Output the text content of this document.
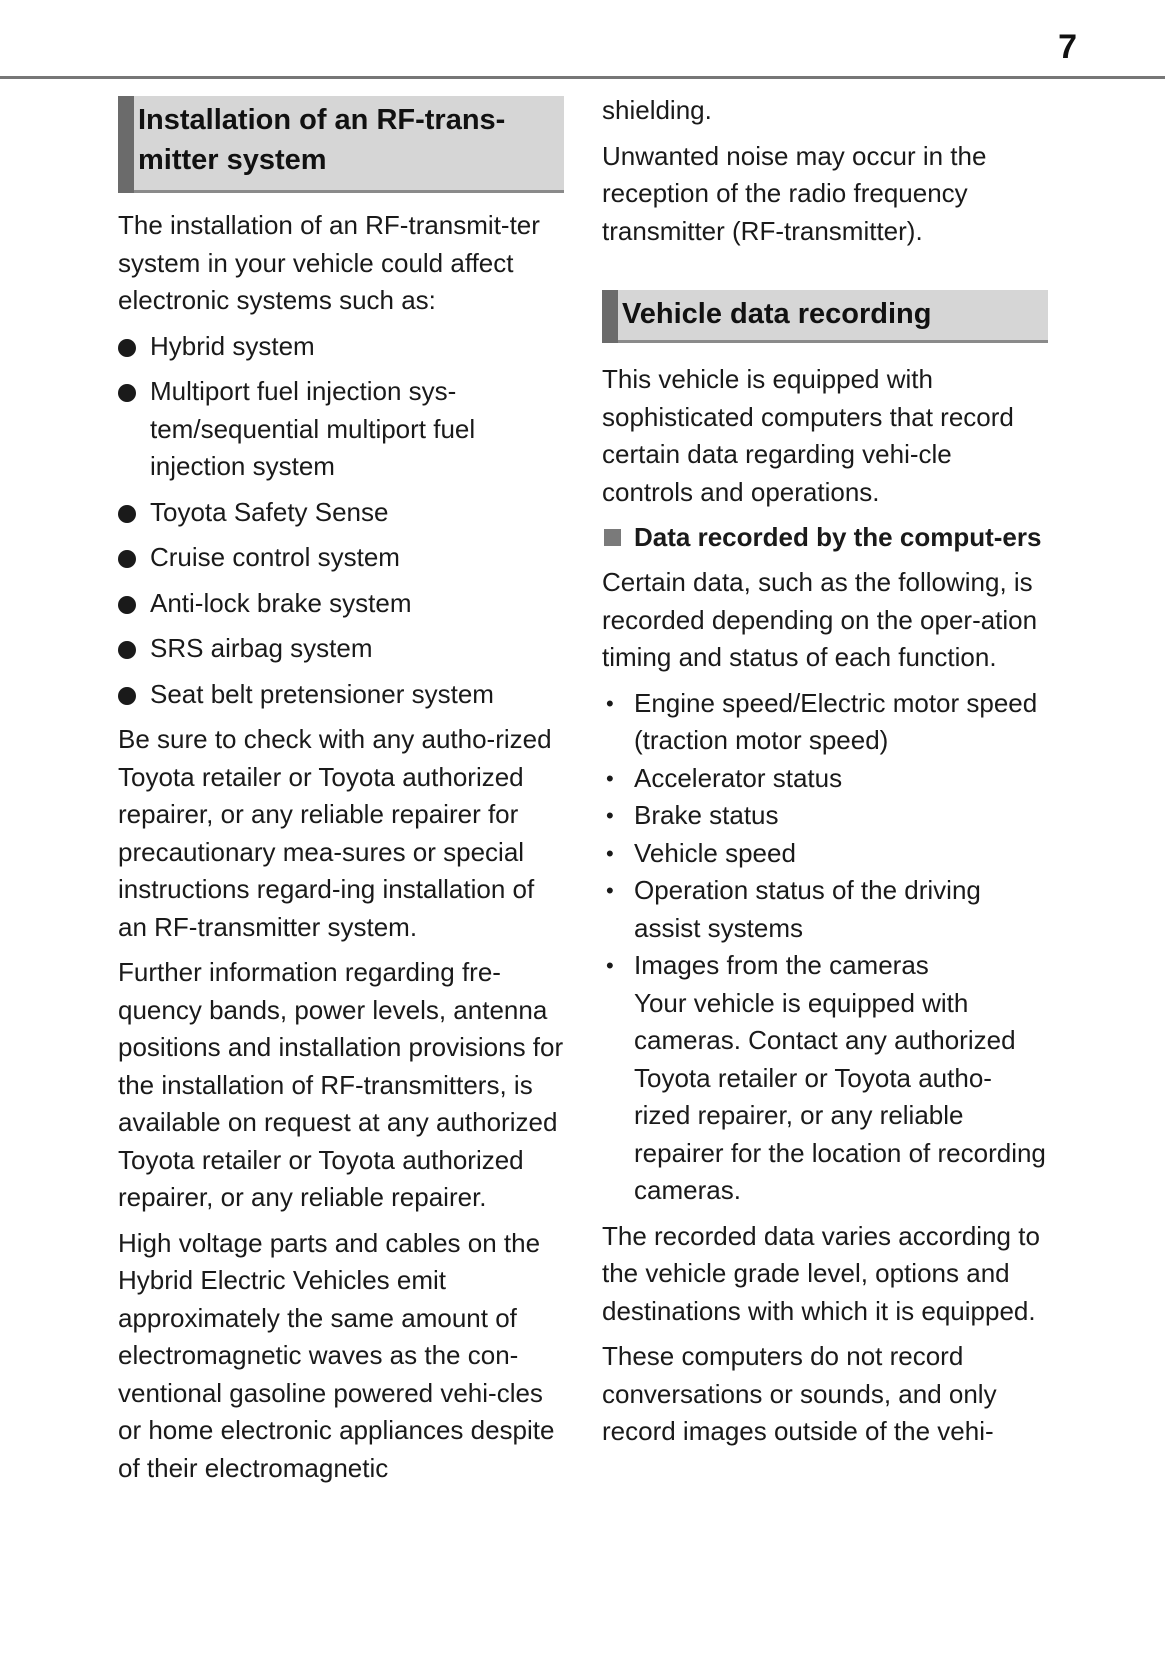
7
Installation of an RF-trans-
mitter system

The installation of an RF-transmit-ter system in your vehicle could affect electronic systems such as:

Hybrid system
Multiport fuel injection sys-tem/sequential multiport fuel injection system
Toyota Safety Sense
Cruise control system
Anti-lock brake system
SRS airbag system
Seat belt pretensioner system

Be sure to check with any autho-rized Toyota retailer or Toyota authorized repairer, or any reliable repairer for precautionary mea-sures or special instructions regard-ing installation of an RF-transmitter system.

Further information regarding fre-quency bands, power levels, antenna positions and installation provisions for the installation of RF-transmitters, is available on request at any authorized Toyota retailer or Toyota authorized repairer, or any reliable repairer.

High voltage parts and cables on the Hybrid Electric Vehicles emit approximately the same amount of electromagnetic waves as the con-ventional gasoline powered vehi-cles or home electronic appliances despite of their electromagnetic

shielding.

Unwanted noise may occur in the reception of the radio frequency transmitter (RF-transmitter).

Vehicle data recording

This vehicle is equipped with sophisticated computers that record certain data regarding vehi-cle controls and operations.

Data recorded by the comput-ers

Certain data, such as the following, is recorded depending on the oper-ation timing and status of each function.

• Engine speed/Electric motor speed (traction motor speed)
• Accelerator status
• Brake status
• Vehicle speed
• Operation status of the driving assist systems
• Images from the cameras
Your vehicle is equipped with cameras. Contact any authorized Toyota retailer or Toyota autho-rized repairer, or any reliable repairer for the location of recording cameras.

The recorded data varies according to the vehicle grade level, options and destinations with which it is equipped.

These computers do not record conversations or sounds, and only record images outside of the vehi-
